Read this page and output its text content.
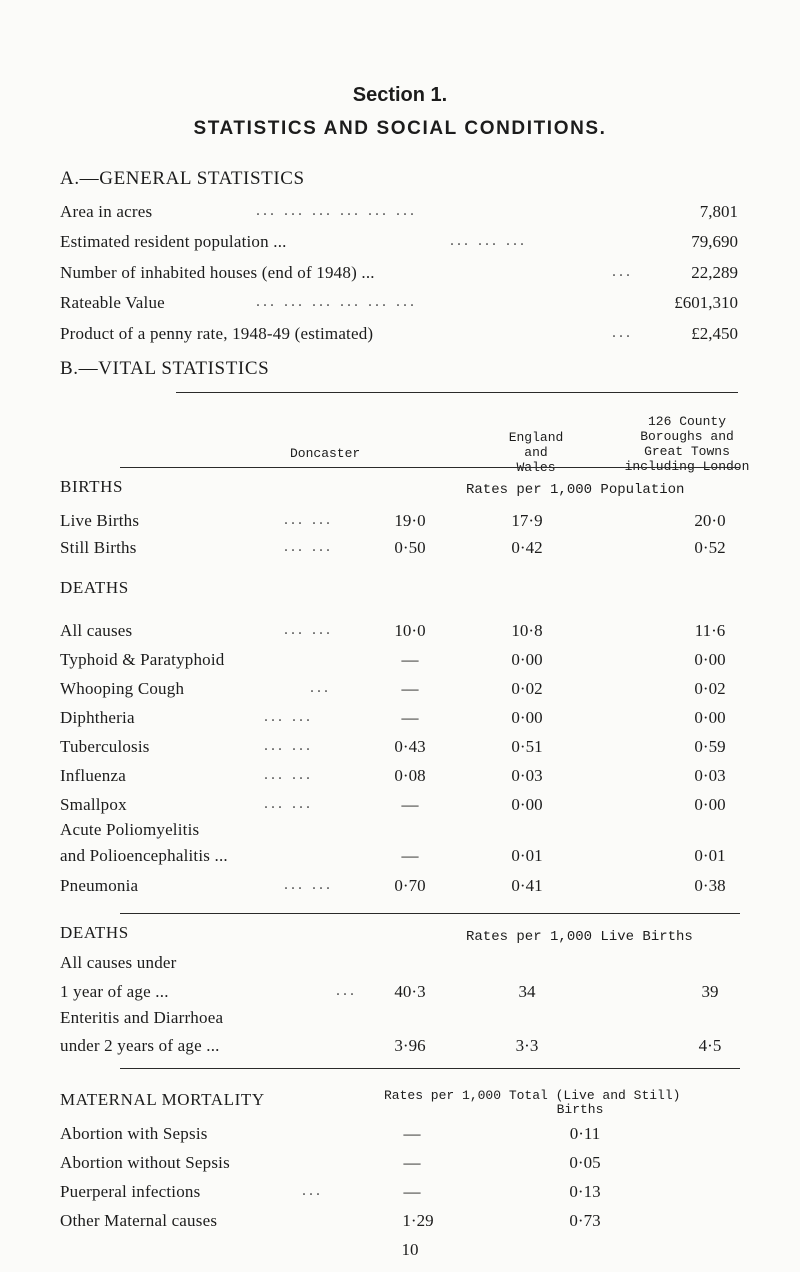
Section 1.
STATISTICS AND SOCIAL CONDITIONS.
A.—GENERAL STATISTICS
Area in acres	... ... ... ... ... ...	7,801
Estimated resident population ...	... ... ...	79,690
Number of inhabited houses (end of 1948) ...	...	22,289
Rateable Value	... ... ... ... ... ...	£601,310
Product of a penny rate, 1948-49 (estimated)	...	£2,450
B.—VITAL STATISTICS
Doncaster
England
and
Wales
126 County
Boroughs and
Great Towns
including London
BIRTHS	Rates per 1,000 Population
Live Births	... ...	19·0	17·9	20·0
Still Births	... ...	0·50	0·42	0·52
DEATHS
All causes	... ...	10·0	10·8	11·6
Typhoid & Paratyphoid	—	0·00	0·00
Whooping Cough	...	—	0·02	0·02
Diphtheria	... ...	—	0·00	0·00
Tuberculosis	... ...	0·43	0·51	0·59
Influenza	... ...	0·08	0·03	0·03
Smallpox	... ...	—	0·00	0·00
Acute Poliomyelitis
and Polioencephalitis ...	—	0·01	0·01
Pneumonia	... ...	0·70	0·41	0·38
DEATHS	Rates per 1,000 Live Births
All causes under
1 year of age ...	...	40·3	34	39
Enteritis and Diarrhoea
under 2 years of age ...	3·96	3·3	4·5
MATERNAL MORTALITY	Rates per 1,000 Total (Live and Still)
Births
Abortion with Sepsis	—	0·11
Abortion without Sepsis	—	0·05
Puerperal infections	...	—	0·13
Other Maternal causes	1·29	0·73
10
